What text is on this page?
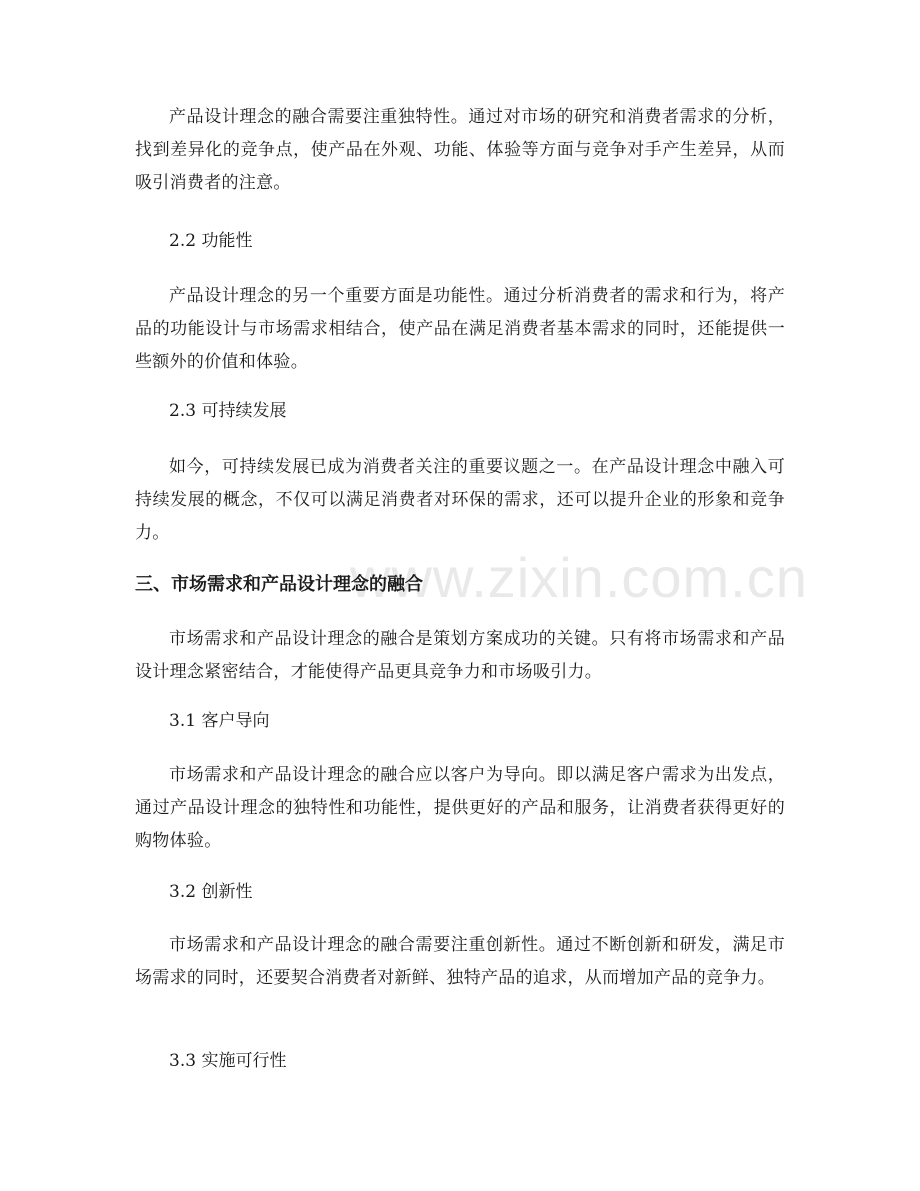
www.zixin.com.cn

产品设计理念的融合需要注重独特性。通过对市场的研究和消费者需求的分析，找到差异化的竞争点，使产品在外观、功能、体验等方面与竞争对手产生差异，从而吸引消费者的注意。

2.2 功能性

产品设计理念的另一个重要方面是功能性。通过分析消费者的需求和行为，将产品的功能设计与市场需求相结合，使产品在满足消费者基本需求的同时，还能提供一些额外的价值和体验。

2.3 可持续发展

如今，可持续发展已成为消费者关注的重要议题之一。在产品设计理念中融入可持续发展的概念，不仅可以满足消费者对环保的需求，还可以提升企业的形象和竞争力。

三、市场需求和产品设计理念的融合

市场需求和产品设计理念的融合是策划方案成功的关键。只有将市场需求和产品设计理念紧密结合，才能使得产品更具竞争力和市场吸引力。

3.1 客户导向

市场需求和产品设计理念的融合应以客户为导向。即以满足客户需求为出发点，通过产品设计理念的独特性和功能性，提供更好的产品和服务，让消费者获得更好的购物体验。

3.2 创新性

市场需求和产品设计理念的融合需要注重创新性。通过不断创新和研发，满足市场需求的同时，还要契合消费者对新鲜、独特产品的追求，从而增加产品的竞争力。

3.3 实施可行性
